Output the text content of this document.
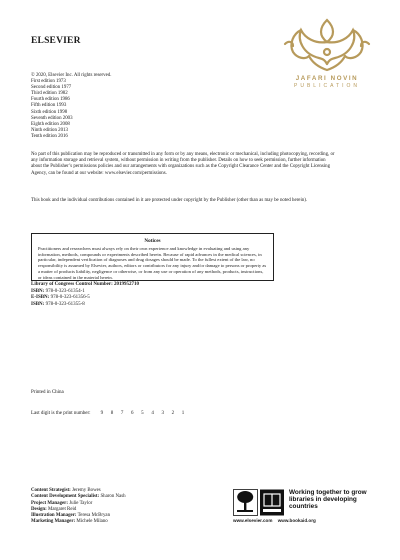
ELSEVIER
JAFARI NOVIN
PUBLICATION
© 2020, Elsevier Inc. All rights reserved.
First edition 1973
Second edition 1977
Third edition 1982
Fourth edition 1986
Fifth edition 1993
Sixth edition 1998
Seventh edition 2003
Eighth edition 2008
Ninth edition 2013
Tenth edition 2016
No part of this publication may be reproduced or transmitted in any form or by any means, electronic or mechanical, including photocopying, recording, or any information storage and retrieval system, without permission in writing from the publisher. Details on how to seek permission, further information about the Publisher’s permissions policies and our arrangements with organizations such as the Copyright Clearance Center and the Copyright Licensing Agency, can be found at our website: www.elsevier.com/permissions.
This book and the individual contributions contained in it are protected under copyright by the Publisher (other than as may be noted herein).
Notices
Practitioners and researchers must always rely on their own experience and knowledge in evaluating and using any information, methods, compounds or experiments described herein. Because of rapid advances in the medical sciences, in particular, independent verification of diagnoses and drug dosages should be made. To the fullest extent of the law, no responsibility is assumed by Elsevier, authors, editors or contributors for any injury and/or damage to persons or property as a matter of products liability, negligence or otherwise, or from any use or operation of any methods, products, instructions, or ideas contained in the material herein.
Library of Congress Control Number: 2019952710
ISBN: 978-0-323-61354-1
E-ISBN: 978-0-323-61356-5
ISBN: 978-0-323-61355-8
Printed in China
Last digit is the print number: 9 8 7 6 5 4 3 2 1
Content Strategist: Jeremy Bowes
Content Development Specialist: Sharon Nash
Project Manager: Julie Taylor
Design: Margaret Reid
Illustration Manager: Teresa McBryan
Marketing Manager: Michele Milano
Working together to grow libraries in developing countries
www.elsevier.com www.bookaid.org
